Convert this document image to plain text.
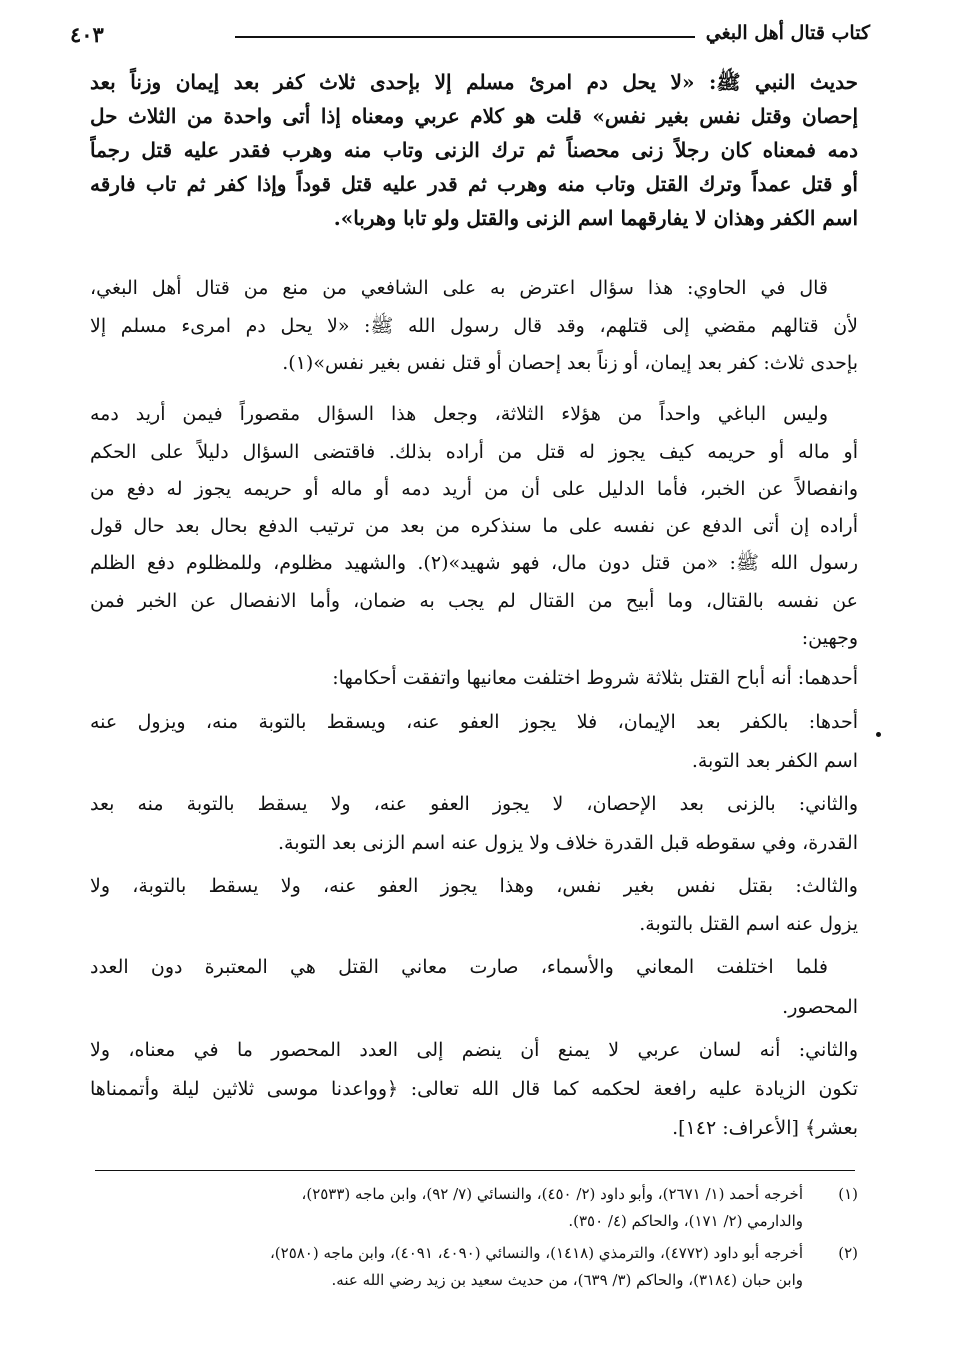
كتاب قتال أهل البغي
٤٠٣
حديث النبي ﷺ: «لا يحل دم امرئ مسلم إلا بإحدى ثلاث كفر بعد إيمان وزناً بعد
إحصان وقتل نفس بغير نفس» قلت هو كلام عربي ومعناه إذا أتى واحدة من الثلاث حل
دمه فمعناه كان رجلاً زنى محصناً ثم ترك الزنى وتاب منه وهرب فقدر عليه قتل رجماً
أو قتل عمداً وترك القتل وتاب منه وهرب ثم قدر عليه قتل قوداً وإذا كفر ثم تاب فارقه
اسم الكفر وهذان لا يفارقهما اسم الزنى والقتل ولو تابا وهربا».
قال في الحاوي: هذا سؤال اعترض به على الشافعي من منع من قتال أهل البغي،
لأن قتالهم مقضي إلى قتلهم، وقد قال رسول الله ﷺ: «لا يحل دم امرىء مسلم إلا
بإحدى ثلاث: كفر بعد إيمان، أو زناً بعد إحصان أو قتل نفس بغير نفس»(١).
وليس الباغي واحداً من هؤلاء الثلاثة، وجعل هذا السؤال مقصوراً فيمن أريد دمه
أو ماله أو حريمه كيف يجوز له قتل من أراده بذلك. فاقتضى السؤال دليلاً على الحكم
وانفصالاً عن الخبر، فأما الدليل على أن من أريد دمه أو ماله أو حريمه يجوز له دفع من
أراده إن أتى الدفع عن نفسه على ما سنذكره من بعد من ترتيب الدفع بحال بعد حال قول
رسول الله ﷺ: «من قتل دون مال، فهو شهيد»(٢). والشهيد مظلوم، وللمظلوم دفع الظلم
عن نفسه بالقتال، وما أبيح من القتال لم يجب به ضمان، وأما الانفصال عن الخبر فمن
وجهين:
أحدهما: أنه أباح القتل بثلاثة شروط اختلفت معانيها واتفقت أحكامها:
أحدها: بالكفر بعد الإيمان، فلا يجوز العفو عنه، ويسقط بالتوبة منه، ويزول عنه
اسم الكفر بعد التوبة.
والثاني: بالزنى بعد الإحصان، لا يجوز العفو عنه، ولا يسقط بالتوبة منه بعد
القدرة، وفي سقوطه قبل القدرة خلاف ولا يزول عنه اسم الزنى بعد التوبة.
والثالث: بقتل نفس بغير نفس، وهذا يجوز العفو عنه، ولا يسقط بالتوبة، ولا
يزول عنه اسم القتل بالتوبة.
فلما اختلفت المعاني والأسماء، صارت معاني القتل هي المعتبرة دون العدد
المحصور.
والثاني: أنه لسان عربي لا يمنع أن ينضم إلى العدد المحصور ما في معناه، ولا
تكون الزيادة عليه رافعة لحكمه كما قال الله تعالى: ﴿وواعدنا موسى ثلاثين ليلة وأتممناها
بعشر﴾ [الأعراف: ١٤٢].
(١)
أخرجه أحمد (١/ ٢٦٧١)، وأبو داود (٢/ ٤٥٠)، والنسائي (٧/ ٩٢)، وابن ماجه (٢٥٣٣)،
والدارمي (٢/ ١٧١)، والحاكم (٤/ ٣٥٠).
(٢)
أخرجه أبو داود (٤٧٧٢)، والترمذي (١٤١٨)، والنسائي (٤٠٩٠، ٤٠٩١)، وابن ماجه (٢٥٨٠)،
وابن حبان (٣١٨٤)، والحاكم (٣/ ٦٣٩)، من حديث سعيد بن زيد رضي الله عنه.
